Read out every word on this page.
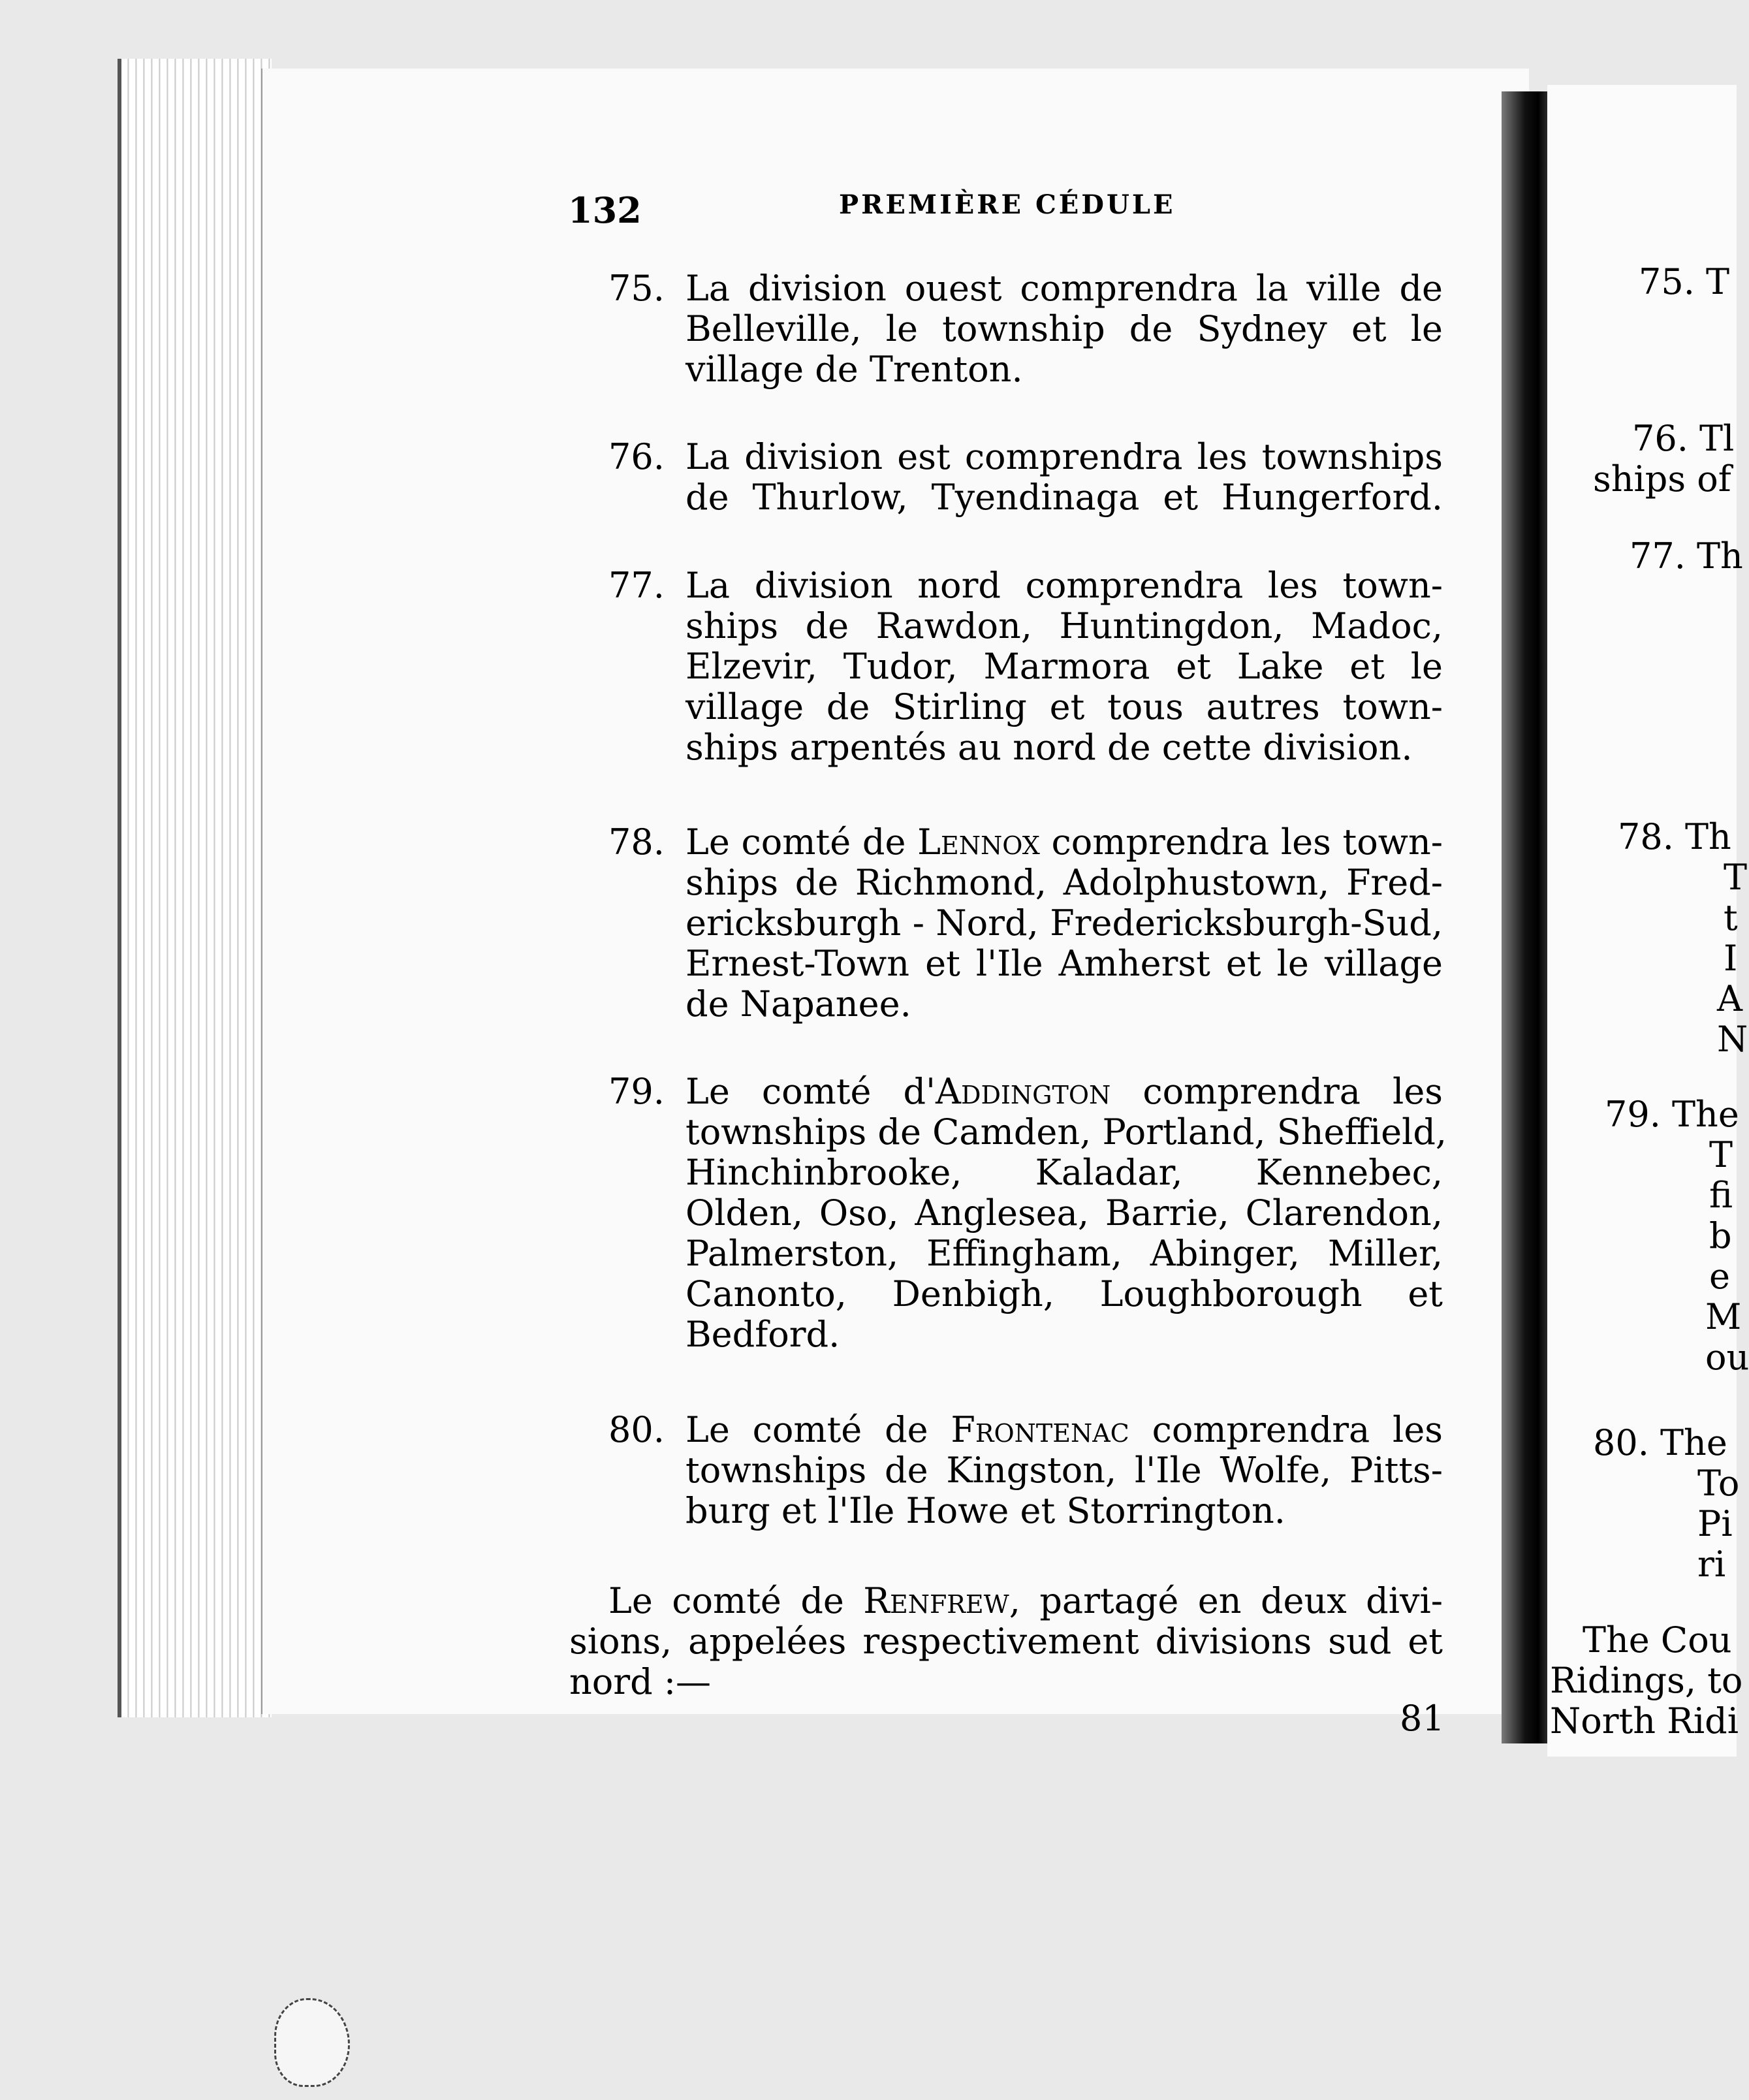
132	PREMIÈRE CÉDULE
75. La division ouest comprendra la ville de
Belleville, le township de Sydney et le
village de Trenton.
76. La division est comprendra les townships
de Thurlow, Tyendinaga et Hungerford.
77. La division nord comprendra les town-
ships de Rawdon, Huntingdon, Madoc,
Elzevir, Tudor, Marmora et Lake et le
village de Stirling et tous autres town-
ships arpentés au nord de cette division.
78. Le comté de Lennox comprendra les town-
ships de Richmond, Adolphustown, Fred-
ericksburgh - Nord, Fredericksburgh-Sud,
Ernest-Town et l'Ile Amherst et le village
de Napanee.
79. Le comté d'Addington comprendra les
townships de Camden, Portland, Sheffield,
Hinchinbrooke, Kaladar, Kennebec,
Olden, Oso, Anglesea, Barrie, Clarendon,
Palmerston, Effingham, Abinger, Miller,
Canonto, Denbigh, Loughborough et
Bedford.
80. Le comté de Frontenac comprendra les
townships de Kingston, l'Ile Wolfe, Pitts-
burg et l'Ile Howe et Storrington.
Le comté de Renfrew, partagé en deux divi-
sions, appelées respectivement divisions sud et
nord :—
81
75. T
76. Tl
ships of
77. Th
78. Th
T
t
I
A
N
79. The
T
fi
b
e
M
ou
80. The
To
Pi
ri
The Cou
Ridings, to
North Ridi
